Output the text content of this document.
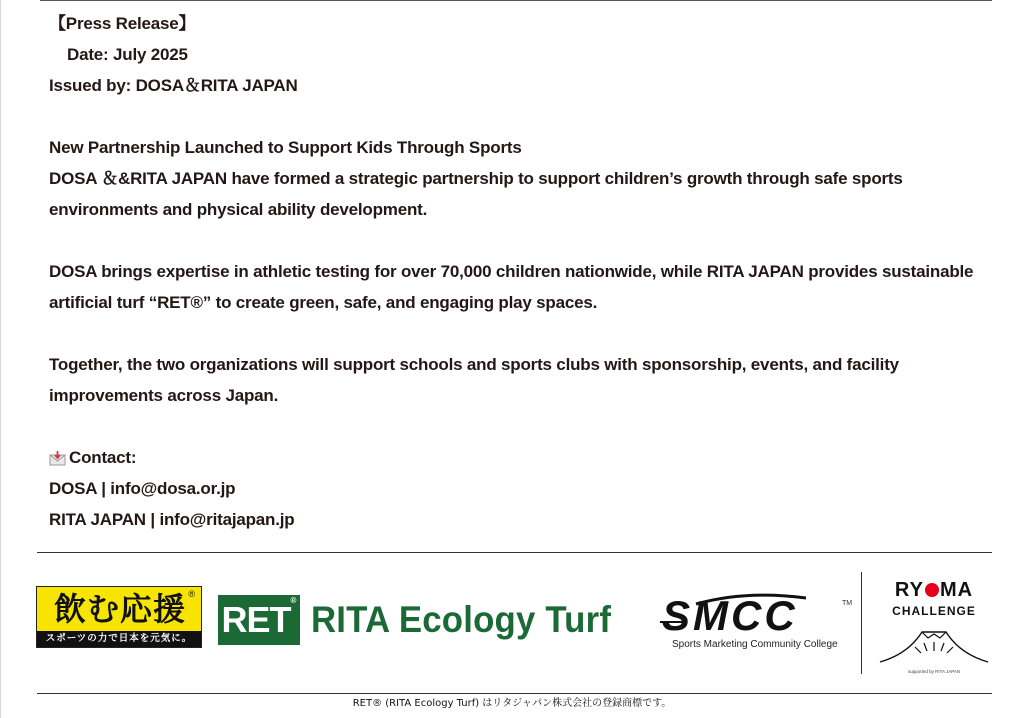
【Press Release】
Date: July 2025
Issued by: DOSA＆RITA JAPAN
New Partnership Launched to Support Kids Through Sports
DOSA ＆&RITA JAPAN have formed a strategic partnership to support children’s growth through safe sports
environments and physical ability development.
DOSA brings expertise in athletic testing for over 70,000 children nationwide, while RITA JAPAN provides sustainable
artificial turf “RET®” to create green, safe, and engaging play spaces.
Together, the two organizations will support schools and sports clubs with sponsorship, events, and facility
improvements across Japan.
Contact:
DOSA | info@dosa.or.jp
RITA JAPAN | info@ritajapan.jp
飲む応援 ®
スポーツの力で日本を元気に。 RET® RITA Ecology Turf SMCC	TM
Sports Marketing Community College
RY MA
CHALLENGE
supported by RITA JAPAN
RET® (RITA Ecology Turf) はリタジャパン株式会社の登録商標です。
